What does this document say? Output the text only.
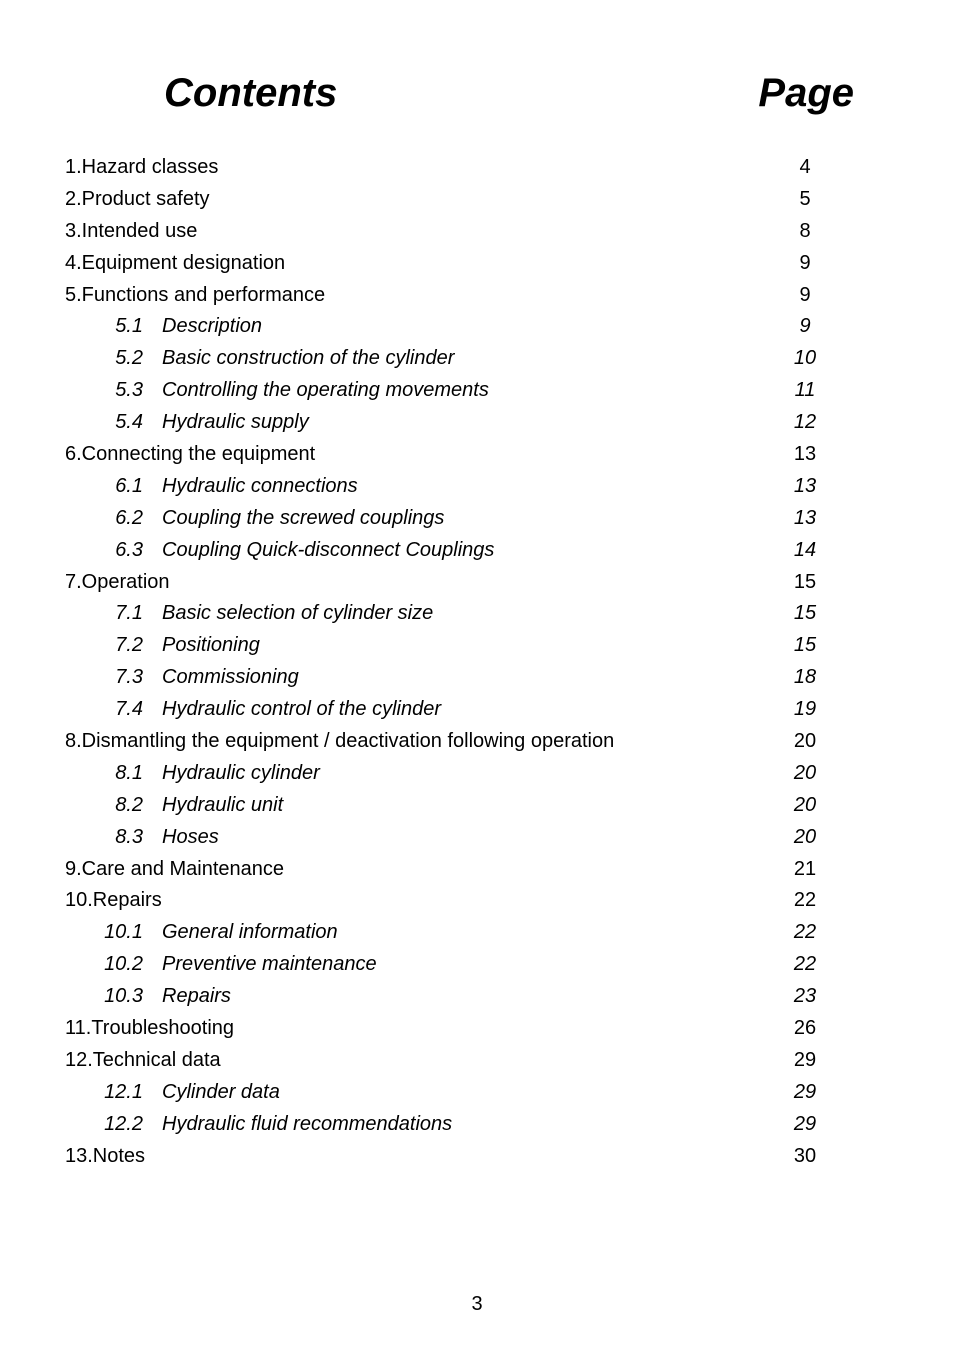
Contents	Page
1.Hazard classes	4
2.Product safety	5
3.Intended use	8
4.Equipment designation	9
5.Functions and performance	9
5.1 Description	9
5.2 Basic construction of the cylinder	10
5.3 Controlling the operating movements	11
5.4 Hydraulic supply	12
6.Connecting the equipment	13
6.1 Hydraulic connections	13
6.2 Coupling the screwed couplings	13
6.3 Coupling Quick-disconnect Couplings	14
7.Operation	15
7.1 Basic selection of cylinder size	15
7.2 Positioning	15
7.3 Commissioning	18
7.4 Hydraulic control of the cylinder	19
8.Dismantling the equipment / deactivation following operation	20
8.1 Hydraulic cylinder	20
8.2 Hydraulic unit	20
8.3 Hoses	20
9.Care and Maintenance	21
10.Repairs	22
10.1 General information	22
10.2 Preventive maintenance	22
10.3 Repairs	23
11.Troubleshooting	26
12.Technical data	29
12.1 Cylinder data	29
12.2 Hydraulic fluid recommendations	29
13.Notes	30
3
